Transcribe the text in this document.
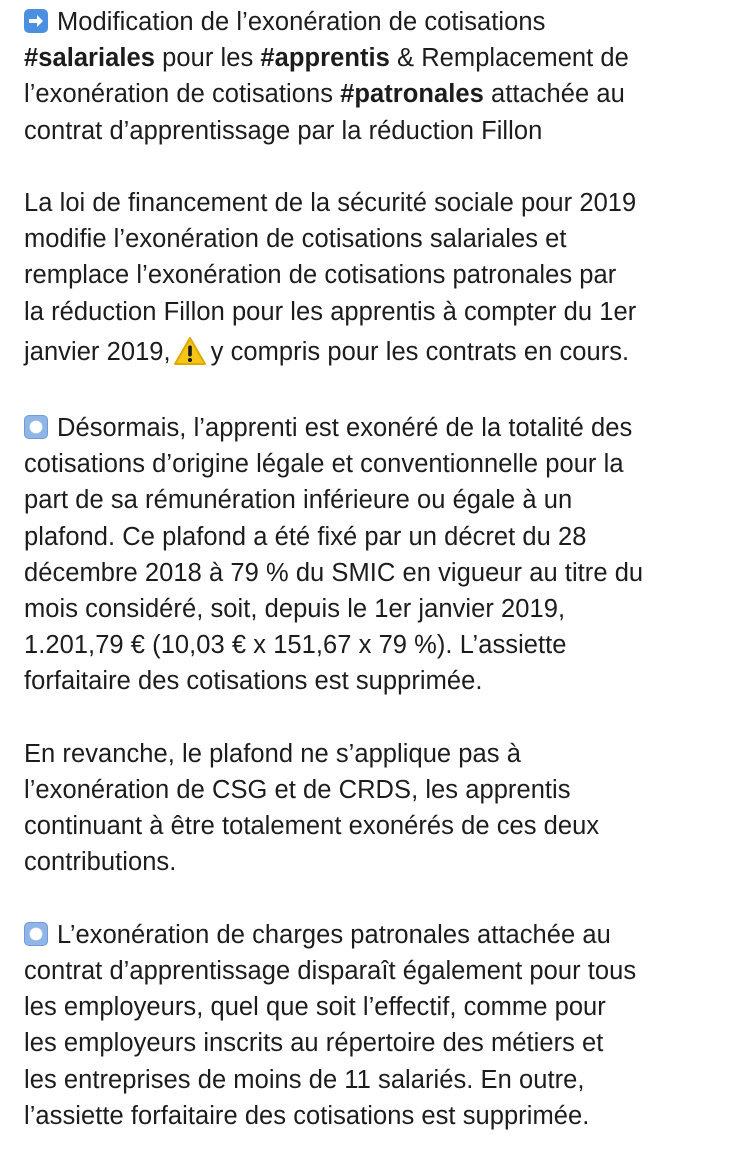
Modification de l’exonération de cotisations
#salariales pour les #apprentis & Remplacement de
l’exonération de cotisations #patronales attachée au
contrat d’apprentissage par la réduction Fillon
La loi de financement de la sécurité sociale pour 2019
modifie l’exonération de cotisations salariales et
remplace l’exonération de cotisations patronales par
la réduction Fillon pour les apprentis à compter du 1er
janvier 2019, y compris pour les contrats en cours.
Désormais, l’apprenti est exonéré de la totalité des
cotisations d’origine légale et conventionnelle pour la
part de sa rémunération inférieure ou égale à un
plafond. Ce plafond a été fixé par un décret du 28
décembre 2018 à 79 % du SMIC en vigueur au titre du
mois considéré, soit, depuis le 1er janvier 2019,
1.201,79 € (10,03 € x 151,67 x 79 %). L’assiette
forfaitaire des cotisations est supprimée.
En revanche, le plafond ne s’applique pas à
l’exonération de CSG et de CRDS, les apprentis
continuant à être totalement exonérés de ces deux
contributions.
L’exonération de charges patronales attachée au
contrat d’apprentissage disparaît également pour tous
les employeurs, quel que soit l’effectif, comme pour
les employeurs inscrits au répertoire des métiers et
les entreprises de moins de 11 salariés. En outre,
l’assiette forfaitaire des cotisations est supprimée.
